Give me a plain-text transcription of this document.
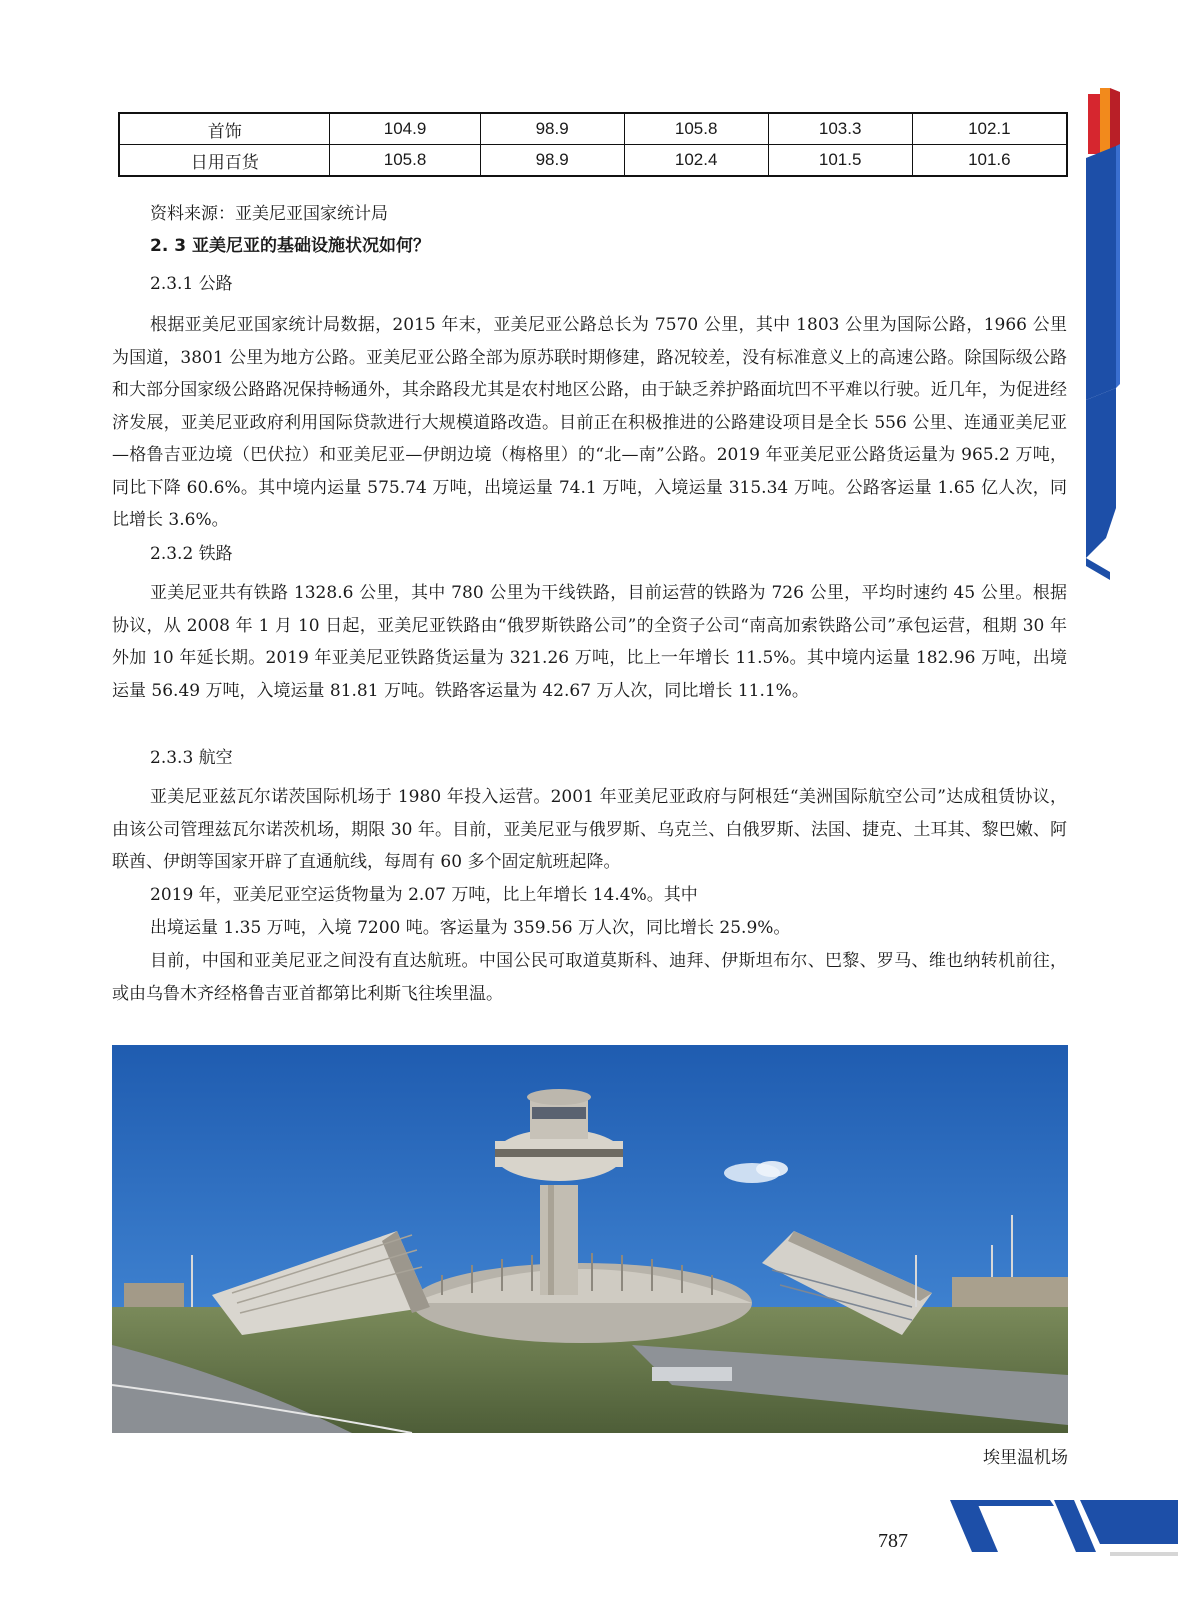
首饰	104.9	98.9	105.8	103.3	102.1
日用百货	105.8	98.9	102.4	101.5	101.6

资料来源：亚美尼亚国家统计局

2. 3 亚美尼亚的基础设施状况如何？

2.3.1 公路

根据亚美尼亚国家统计局数据，2015 年末，亚美尼亚公路总长为 7570 公里，其中 1803 公里为国际公路，1966 公里为国道，3801 公里为地方公路。亚美尼亚公路全部为原苏联时期修建，路况较差，没有标准意义上的高速公路。除国际级公路和大部分国家级公路路况保持畅通外，其余路段尤其是农村地区公路，由于缺乏养护路面坑凹不平难以行驶。近几年，为促进经济发展，亚美尼亚政府利用国际贷款进行大规模道路改造。目前正在积极推进的公路建设项目是全长 556 公里、连通亚美尼亚—格鲁吉亚边境（巴伏拉）和亚美尼亚—伊朗边境（梅格里）的“北—南”公路。2019 年亚美尼亚公路货运量为 965.2 万吨，同比下降 60.6%。其中境内运量 575.74 万吨，出境运量 74.1 万吨，入境运量 315.34 万吨。公路客运量 1.65 亿人次，同比增长 3.6%。

2.3.2 铁路

亚美尼亚共有铁路 1328.6 公里，其中 780 公里为干线铁路，目前运营的铁路为 726 公里，平均时速约 45 公里。根据协议，从 2008 年 1 月 10 日起，亚美尼亚铁路由“俄罗斯铁路公司”的全资子公司“南高加索铁路公司”承包运营，租期 30 年外加 10 年延长期。2019 年亚美尼亚铁路货运量为 321.26 万吨，比上一年增长 11.5%。其中境内运量 182.96 万吨，出境运量 56.49 万吨，入境运量 81.81 万吨。铁路客运量为 42.67 万人次，同比增长 11.1%。

2.3.3 航空

亚美尼亚兹瓦尔诺茨国际机场于 1980 年投入运营。2001 年亚美尼亚政府与阿根廷“美洲国际航空公司”达成租赁协议，由该公司管理兹瓦尔诺茨机场，期限 30 年。目前，亚美尼亚与俄罗斯、乌克兰、白俄罗斯、法国、捷克、土耳其、黎巴嫩、阿联酋、伊朗等国家开辟了直通航线，每周有 60 多个固定航班起降。

2019 年，亚美尼亚空运货物量为 2.07 万吨，比上年增长 14.4%。其中

出境运量 1.35 万吨，入境 7200 吨。客运量为 359.56 万人次，同比增长 25.9%。

目前，中国和亚美尼亚之间没有直达航班。中国公民可取道莫斯科、迪拜、伊斯坦布尔、巴黎、罗马、维也纳转机前往，或由乌鲁木齐经格鲁吉亚首都第比利斯飞往埃里温。

埃里温机场

787
